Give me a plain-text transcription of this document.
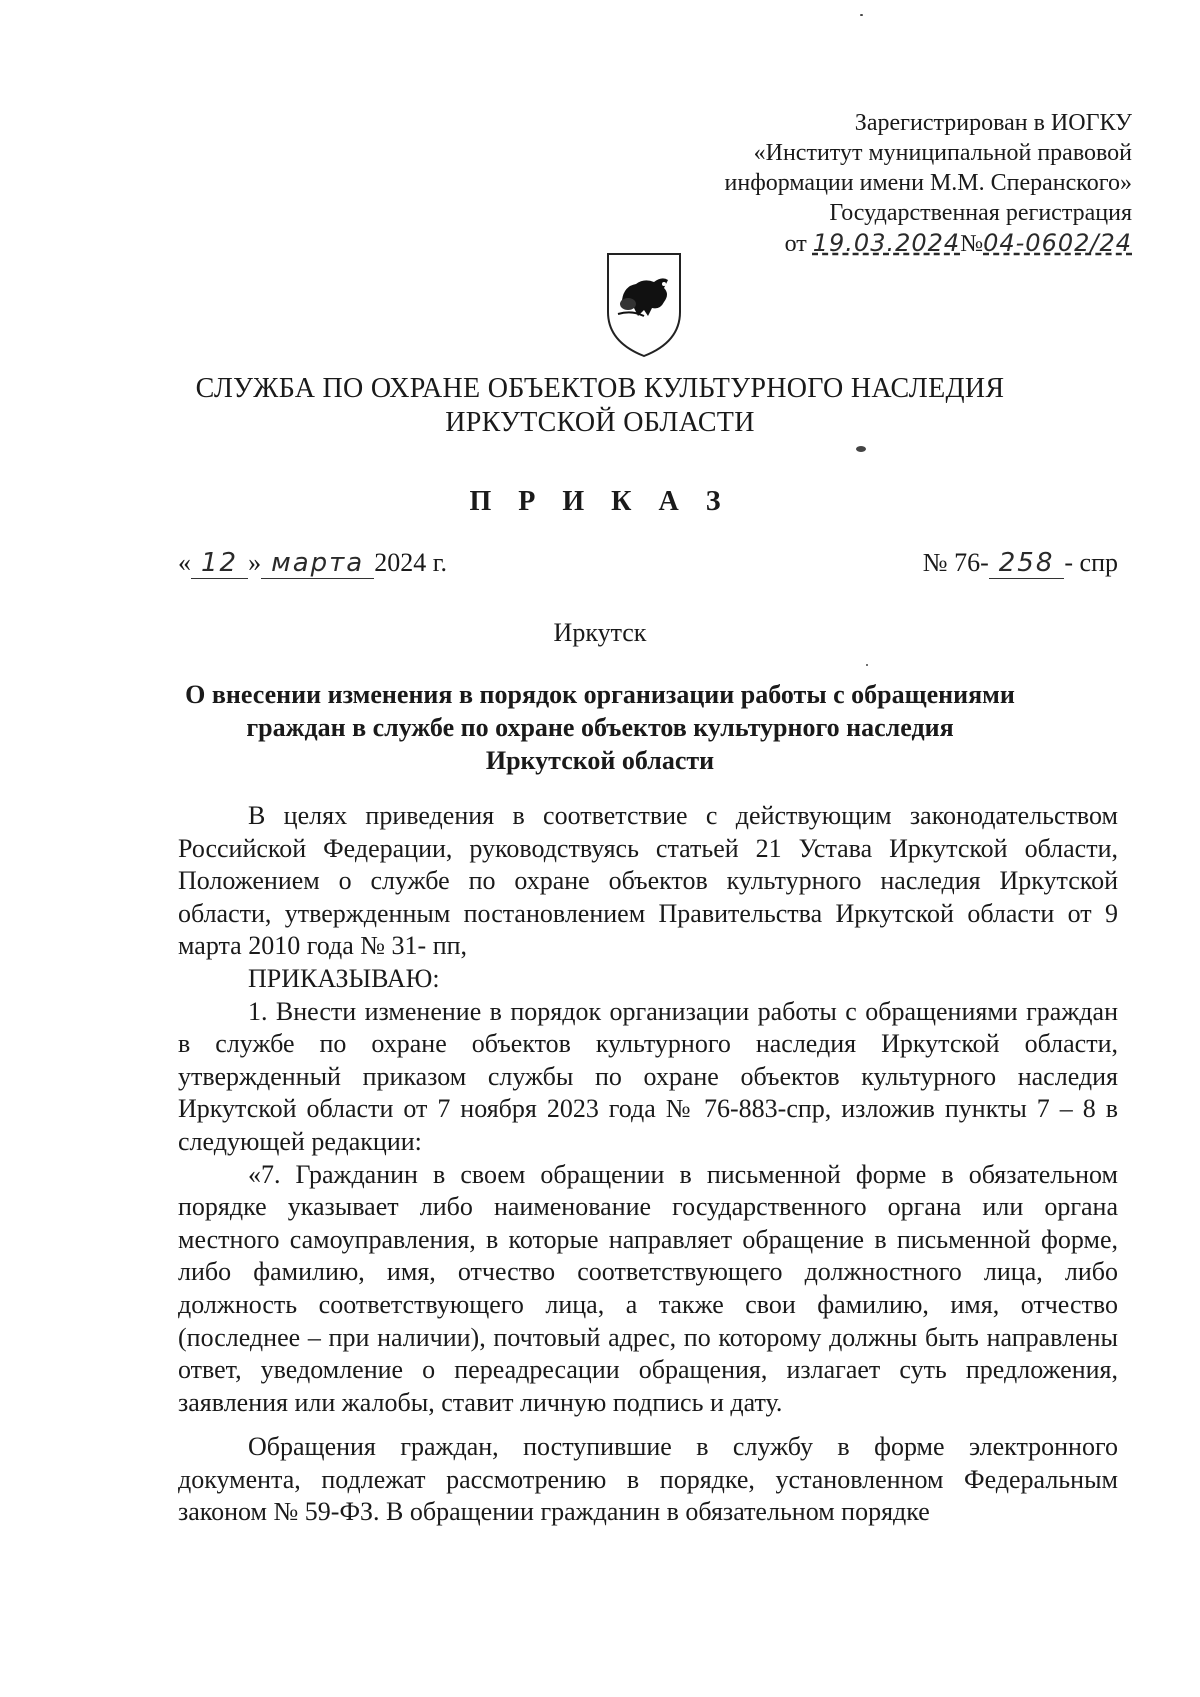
Зарегистрирован в ИОГКУ
«Институт муниципальной правовой
информации имени М.М. Сперанского»
Государственная регистрация
от 19.03.2024№04-0602/24
СЛУЖБА ПО ОХРАНЕ ОБЪЕКТОВ КУЛЬТУРНОГО НАСЛЕДИЯ
ИРКУТСКОЙ ОБЛАСТИ
П Р И К А З
« 12 » марта 2024 г.	№ 76- 258 - спр
Иркутск
О внесении изменения в порядок организации работы с обращениями
граждан в службе по охране объектов культурного наследия
Иркутской области

В целях приведения в соответствие с действующим законодательством Российской Федерации, руководствуясь статьей 21 Устава Иркутской области, Положением о службе по охране объектов культурного наследия Иркутской области, утвержденным постановлением Правительства Иркутской области от 9 марта 2010 года № 31- пп,

ПРИКАЗЫВАЮ:

1. Внести изменение в порядок организации работы с обращениями граждан в службе по охране объектов культурного наследия Иркутской области, утвержденный приказом службы по охране объектов культурного наследия Иркутской области от 7 ноября 2023 года № 76-883-спр, изложив пункты 7 – 8 в следующей редакции:

«7. Гражданин в своем обращении в письменной форме в обязательном порядке указывает либо наименование государственного органа или органа местного самоуправления, в которые направляет обращение в письменной форме, либо фамилию, имя, отчество соответствующего должностного лица, либо должность соответствующего лица, а также свои фамилию, имя, отчество (последнее – при наличии), почтовый адрес, по которому должны быть направлены ответ, уведомление о переадресации обращения, излагает суть предложения, заявления или жалобы, ставит личную подпись и дату.

Обращения граждан, поступившие в службу в форме электронного документа, подлежат рассмотрению в порядке, установленном Федеральным законом № 59-ФЗ. В обращении гражданин в обязательном порядке
